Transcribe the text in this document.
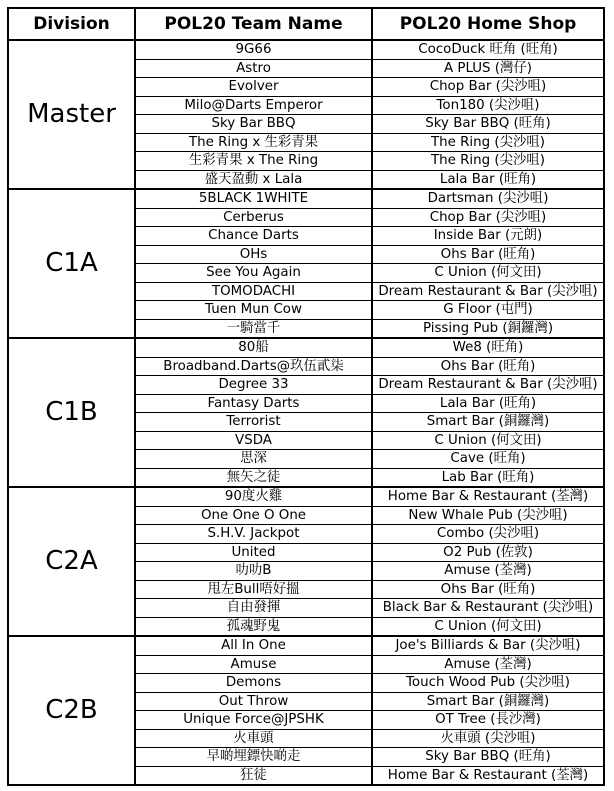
Division	POL20 Team Name	POL20 Home Shop
Master	9G66	CocoDuck 旺角 (旺角)
	Astro	A PLUS (灣仔)
	Evolver	Chop Bar (尖沙咀)
	Milo@Darts Emperor	Ton180 (尖沙咀)
	Sky Bar BBQ	Sky Bar BBQ (旺角)
	The Ring x 生彩青果	The Ring (尖沙咀)
	生彩青果 x The Ring	The Ring (尖沙咀)
	盛天盈動 x Lala	Lala Bar (旺角)
C1A	5BLACK 1WHITE	Dartsman (尖沙咀)
	Cerberus	Chop Bar (尖沙咀)
	Chance Darts	Inside Bar (元朗)
	OHs	Ohs Bar (旺角)
	See You Again	C Union (何文田)
	TOMODACHI	Dream Restaurant & Bar (尖沙咀)
	Tuen Mun Cow	G Floor (屯門)
	一騎當千	Pissing Pub (銅鑼灣)
C1B	80船	We8 (旺角)
	Broadband.Darts@玖伍貳柒	Ohs Bar (旺角)
	Degree 33	Dream Restaurant & Bar (尖沙咀)
	Fantasy Darts	Lala Bar (旺角)
	Terrorist	Smart Bar (銅鑼灣)
	VSDA	C Union (何文田)
	思深	Cave (旺角)
	無矢之徒	Lab Bar (旺角)
C2A	90度火雞	Home Bar & Restaurant (荃灣)
	One One O One	New Whale Pub (尖沙咀)
	S.H.V. Jackpot	Combo (尖沙咀)
	United	O2 Pub (佐敦)
	叻叻B	Amuse (荃灣)
	甩左Bull唔好搵	Ohs Bar (旺角)
	自由發揮	Black Bar & Restaurant (尖沙咀)
	孤魂野鬼	C Union (何文田)
C2B	All In One	Joe's Billiards & Bar (尖沙咀)
	Amuse	Amuse (荃灣)
	Demons	Touch Wood Pub (尖沙咀)
	Out Throw	Smart Bar (銅鑼灣)
	Unique Force@JPSHK	OT Tree (長沙灣)
	火車頭	火車頭 (尖沙咀)
	早啲埋鏢快啲走	Sky Bar BBQ (旺角)
	狂徒	Home Bar & Restaurant (荃灣)
